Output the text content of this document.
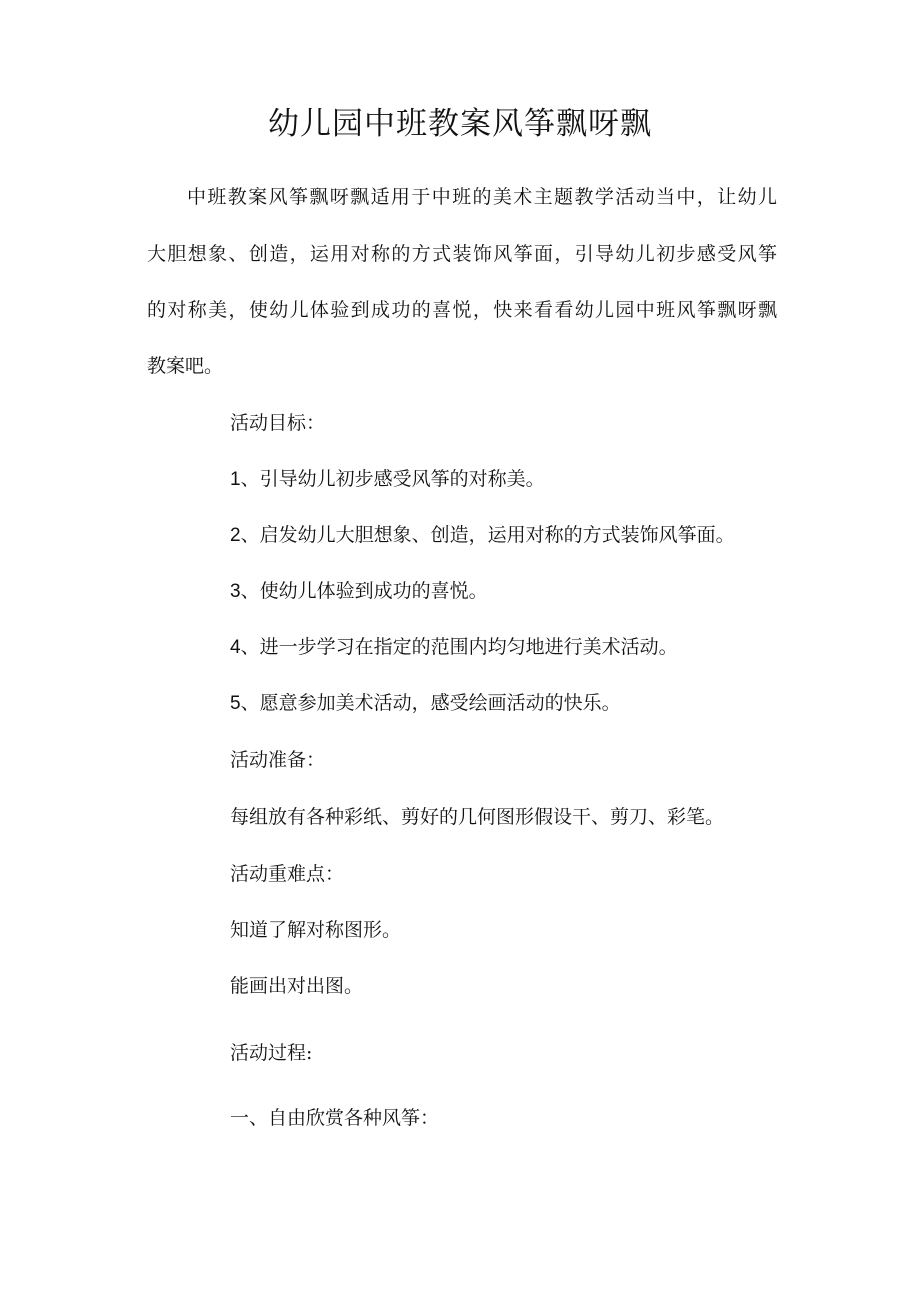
幼儿园中班教案风筝飘呀飘
中班教案风筝飘呀飘适用于中班的美术主题教学活动当中，让幼儿
大胆想象、创造，运用对称的方式装饰风筝面，引导幼儿初步感受风筝
的对称美，使幼儿体验到成功的喜悦，快来看看幼儿园中班风筝飘呀飘
教案吧。
活动目标：
1、引导幼儿初步感受风筝的对称美。
2、启发幼儿大胆想象、创造，运用对称的方式装饰风筝面。
3、使幼儿体验到成功的喜悦。
4、进一步学习在指定的范围内均匀地进行美术活动。
5、愿意参加美术活动，感受绘画活动的快乐。
活动准备：
每组放有各种彩纸、剪好的几何图形假设干、剪刀、彩笔。
活动重难点：
知道了解对称图形。
能画出对出图。
活动过程:
一、自由欣赏各种风筝：
